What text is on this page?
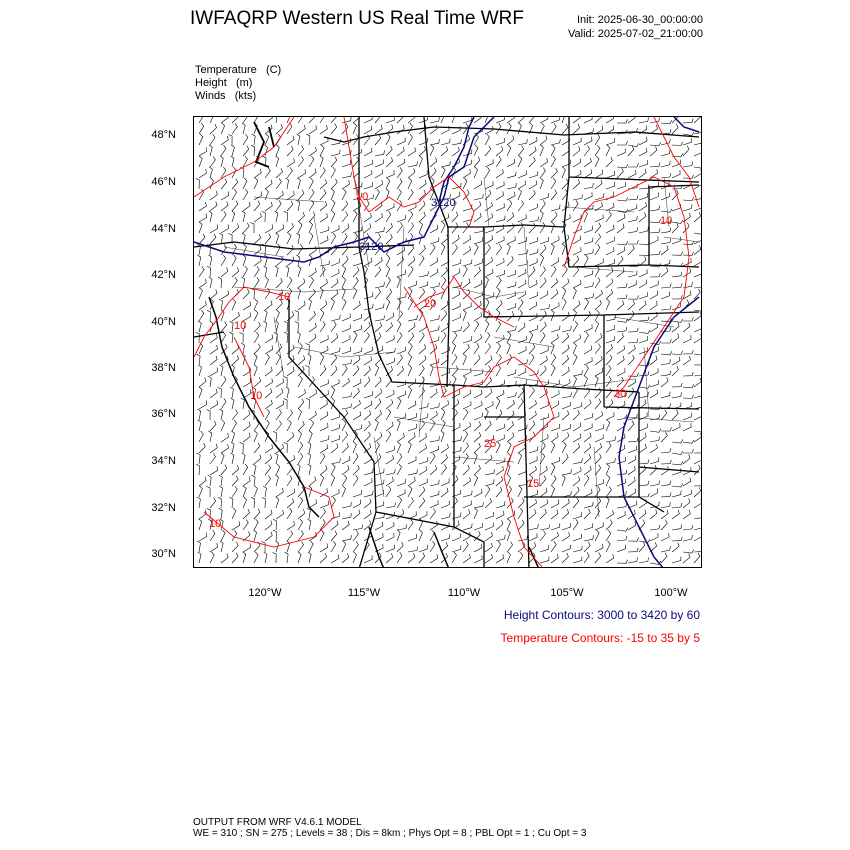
IWFAQRP Western US Real Time WRF	Init: 2025-06-30_00:00:00
Valid: 2025-07-02_21:00:00
Temperature (C)
Height (m)
Winds (kts)
3120
3120
10
20
10
10	30
10
15
10
25
10
48°N
46°N
44°N
42°N
40°N
38°N
36°N
34°N
32°N
30°N
120°W	115°W	110°W	105°W	100°W
Height Contours: 3000 to 3420 by 60
Temperature Contours: -15 to 35 by 5
OUTPUT FROM WRF V4.6.1 MODEL
WE = 310 ; SN = 275 ; Levels = 38 ; Dis = 8km ; Phys Opt = 8 ; PBL Opt = 1 ; Cu Opt = 3
